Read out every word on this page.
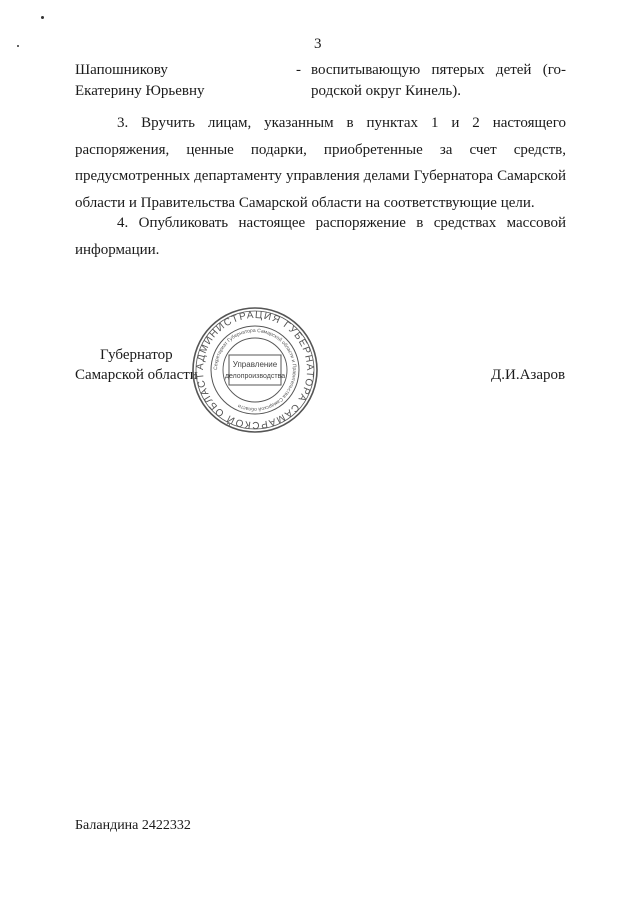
3
Шапошникову
Екатерину Юрьевну
- воспитывающую пятерых детей (го-
родской округ Кинель).

3. Вручить лицам, указанным в пунктах 1 и 2 настоящего распоряжения, ценные подарки, приобретенные за счет средств, предусмотренных департаменту управления делами Губернатора Самарской области и Правительства Самарской области на соответствующие цели.

4. Опубликовать настоящее распоряжение в средствах массовой информации.

Губернатор
Самарской области
АДМИНИСТРАЦИЯ ГУБЕРНАТОРА САМАРСКОЙ ОБЛАСТ
Секретариат Губернатора Самарской области и Правительства Самарской области
Управление
делопроизводства	Д.И.Азаров
Баландина 2422332
